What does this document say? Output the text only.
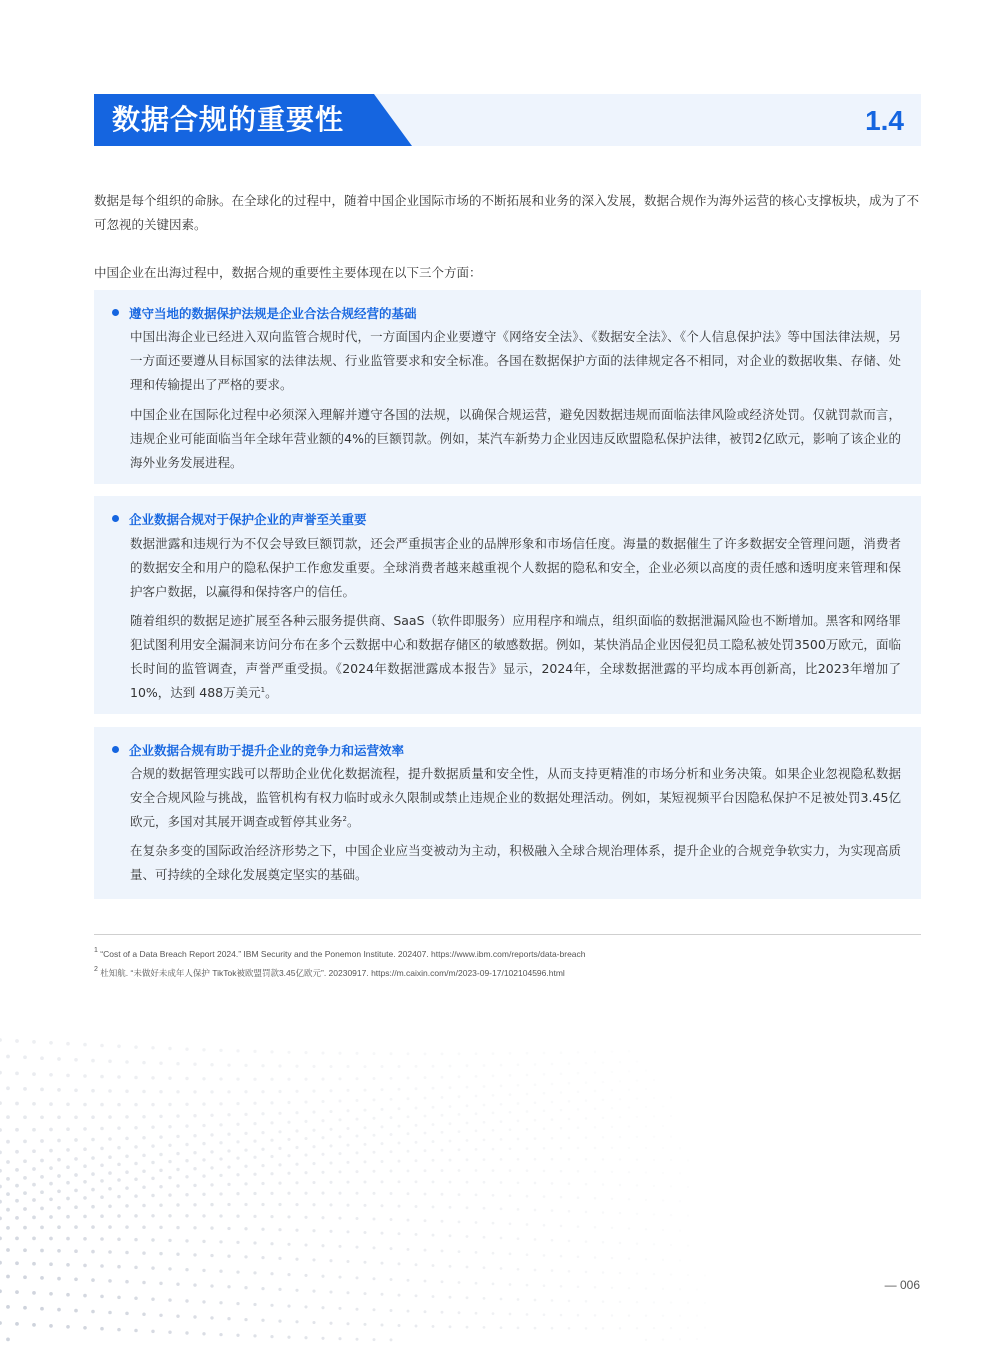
数据合规的重要性	1.4

数据是每个组织的命脉。在全球化的过程中，随着中国企业国际市场的不断拓展和业务的深入发展，数据合规作为海外运营的核心支撑板块，成为了不可忽视的关键因素。

中国企业在出海过程中，数据合规的重要性主要体现在以下三个方面：

遵守当地的数据保护法规是企业合法合规经营的基础

中国出海企业已经进入双向监管合规时代，一方面国内企业要遵守《网络安全法》、《数据安全法》、《个人信息保护法》等中国法律法规，另一方面还要遵从目标国家的法律法规、行业监管要求和安全标准。各国在数据保护方面的法律规定各不相同，对企业的数据收集、存储、处理和传输提出了严格的要求。

中国企业在国际化过程中必须深入理解并遵守各国的法规，以确保合规运营，避免因数据违规而面临法律风险或经济处罚。仅就罚款而言，违规企业可能面临当年全球年营业额的4%的巨额罚款。例如，某汽车新势力企业因违反欧盟隐私保护法律，被罚2亿欧元，影响了该企业的海外业务发展进程。

企业数据合规对于保护企业的声誉至关重要

数据泄露和违规行为不仅会导致巨额罚款，还会严重损害企业的品牌形象和市场信任度。海量的数据催生了许多数据安全管理问题，消费者的数据安全和用户的隐私保护工作愈发重要。全球消费者越来越重视个人数据的隐私和安全，企业必须以高度的责任感和透明度来管理和保护客户数据，以赢得和保持客户的信任。

随着组织的数据足迹扩展至各种云服务提供商、SaaS（软件即服务）应用程序和端点，组织面临的数据泄漏风险也不断增加。黑客和网络罪犯试图利用安全漏洞来访问分布在多个云数据中心和数据存储区的敏感数据。例如，某快消品企业因侵犯员工隐私被处罚3500万欧元，面临长时间的监管调查，声誉严重受损。《2024年数据泄露成本报告》显示，2024年，全球数据泄露的平均成本再创新高，比2023年增加了10%，达到 488万美元$^1$。

企业数据合规有助于提升企业的竞争力和运营效率

合规的数据管理实践可以帮助企业优化数据流程，提升数据质量和安全性，从而支持更精准的市场分析和业务决策。如果企业忽视隐私数据安全合规风险与挑战，监管机构有权力临时或永久限制或禁止违规企业的数据处理活动。例如，某短视频平台因隐私保护不足被处罚3.45亿欧元，多国对其展开调查或暂停其业务$^2$。

在复杂多变的国际政治经济形势之下，中国企业应当变被动为主动，积极融入全球合规治理体系，提升企业的合规竞争软实力，为实现高质量、可持续的全球化发展奠定坚实的基础。

$^1$ “Cost of a Data Breach Report 2024.” IBM Security and the Ponemon Institute. 202407. https://www.ibm.com/reports/data-breach
$^2$ 杜知航. “未做好未成年人保护 TikTok被欧盟罚款3.45亿欧元”. 20230917. https://m.caixin.com/m/2023-09-17/102104596.html
— 006
